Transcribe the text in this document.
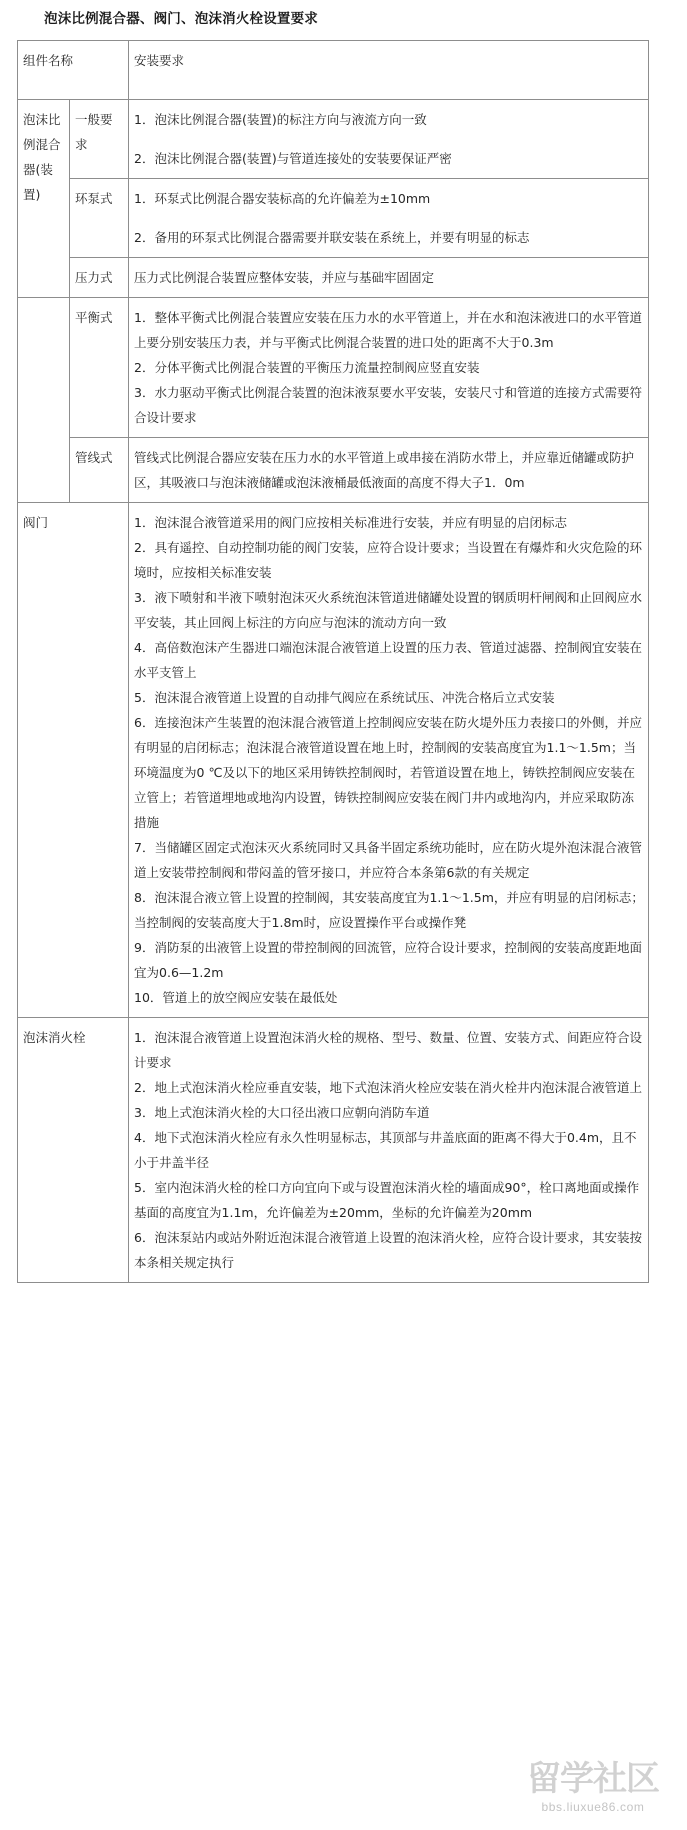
泡沫比例混合器、阀门、泡沫消火栓设置要求
组件名称		安装要求
泡沫比例混合器(装置)	一般要求	1．泡沫比例混合器(装置)的标注方向与液流方向一致

2．泡沫比例混合器(装置)与管道连接处的安装要保证严密

	环泵式	1．环泵式比例混合器安装标高的允许偏差为±10mm

2．备用的环泵式比例混合器需要并联安装在系统上，并要有明显的标志

	压力式	压力式比例混合装置应整体安装，并应与基础牢固固定

	平衡式	1．整体平衡式比例混合装置应安装在压力水的水平管道上，并在水和泡沫液进口的水平管道上要分别安装压力表，并与平衡式比例混合装置的进口处的距离不大于0.3m

2．分体平衡式比例混合装置的平衡压力流量控制阀应竖直安装

3．水力驱动平衡式比例混合装置的泡沫液泵要水平安装，安装尺寸和管道的连接方式需要符合设计要求

	管线式	管线式比例混合器应安装在压力水的水平管道上或串接在消防水带上，并应靠近储罐或防护区，其吸液口与泡沫液储罐或泡沫液桶最低液面的高度不得大子1．0m

阀门	1．泡沫混合液管道采用的阀门应按相关标准进行安装，并应有明显的启闭标志

2．具有遥控、自动控制功能的阀门安装，应符合设计要求；当设置在有爆炸和火灾危险的环境时，应按相关标准安装

3．液下喷射和半液下喷射泡沫灭火系统泡沫管道进储罐处设置的钢质明杆闸阀和止回阀应水平安装，其止回阀上标注的方向应与泡沫的流动方向一致

4．高倍数泡沫产生器进口端泡沫混合液管道上设置的压力表、管道过滤器、控制阀宜安装在水平支管上

5．泡沫混合液管道上设置的自动排气阀应在系统试压、冲洗合格后立式安装

6．连接泡沫产生装置的泡沫混合液管道上控制阀应安装在防火堤外压力表接口的外侧，并应有明显的启闭标志；泡沫混合液管道设置在地上时，控制阀的安装高度宜为1.1～1.5m；当环境温度为0 ℃及以下的地区采用铸铁控制阀时，若管道设置在地上，铸铁控制阀应安装在立管上；若管道埋地或地沟内设置，铸铁控制阀应安装在阀门井内或地沟内，并应采取防冻措施

7．当储罐区固定式泡沫灭火系统同时又具备半固定系统功能时，应在防火堤外泡沫混合液管道上安装带控制阀和带闷盖的管牙接口，并应符合本条第6款的有关规定

8．泡沫混合液立管上设置的控制阀，其安装高度宜为1.1～1.5m，并应有明显的启闭标志；当控制阀的安装高度大于1.8m时，应设置操作平台或操作凳

9．消防泵的出液管上设置的带控制阀的回流管，应符合设计要求，控制阀的安装高度距地面宜为0.6—1.2m

10．管道上的放空阀应安装在最低处

泡沫消火栓	1．泡沫混合液管道上设置泡沫消火栓的规格、型号、数量、位置、安装方式、间距应符合设计要求

2．地上式泡沫消火栓应垂直安装，地下式泡沫消火栓应安装在消火栓井内泡沫混合液管道上

3．地上式泡沫消火栓的大口径出液口应朝向消防车道

4．地下式泡沫消火栓应有永久性明显标志，其顶部与井盖底面的距离不得大于0.4m，且不小于井盖半径

5．室内泡沫消火栓的栓口方向宜向下或与设置泡沫消火栓的墙面成90°，栓口离地面或操作基面的高度宜为1.1m，允许偏差为±20mm，坐标的允许偏差为20mm

6．泡沫泵站内或站外附近泡沫混合液管道上设置的泡沫消火栓，应符合设计要求，其安装按本条相关规定执行

留学社区
bbs.liuxue86.com
